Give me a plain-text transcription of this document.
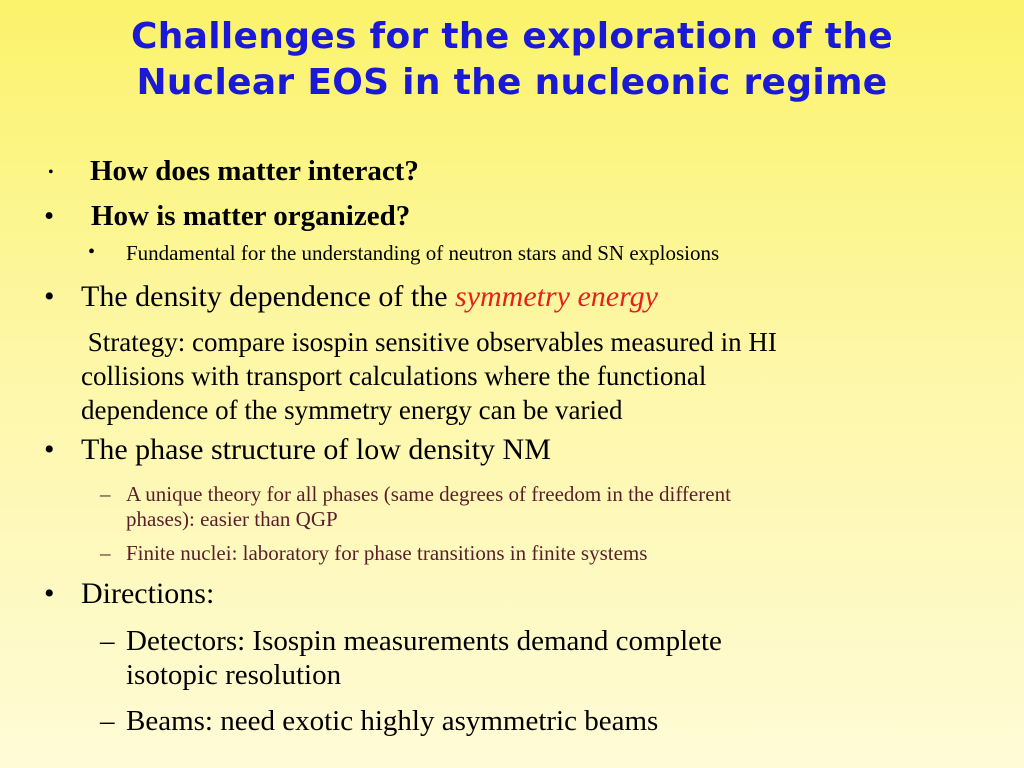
Challenges for the exploration of the
Nuclear EOS in the nucleonic regime
• How does matter interact?
• How is matter organized?
• Fundamental for the understanding of neutron stars and SN explosions
• The density dependence of the symmetry energy
Strategy: compare isospin sensitive observables measured in HI
collisions with transport calculations where the functional
dependence of the symmetry energy can be varied
• The phase structure of low density NM
– A unique theory for all phases (same degrees of freedom in the different
phases): easier than QGP
– Finite nuclei: laboratory for phase transitions in finite systems
• Directions:
– Detectors: Isospin measurements demand complete
isotopic resolution
– Beams: need exotic highly asymmetric beams
